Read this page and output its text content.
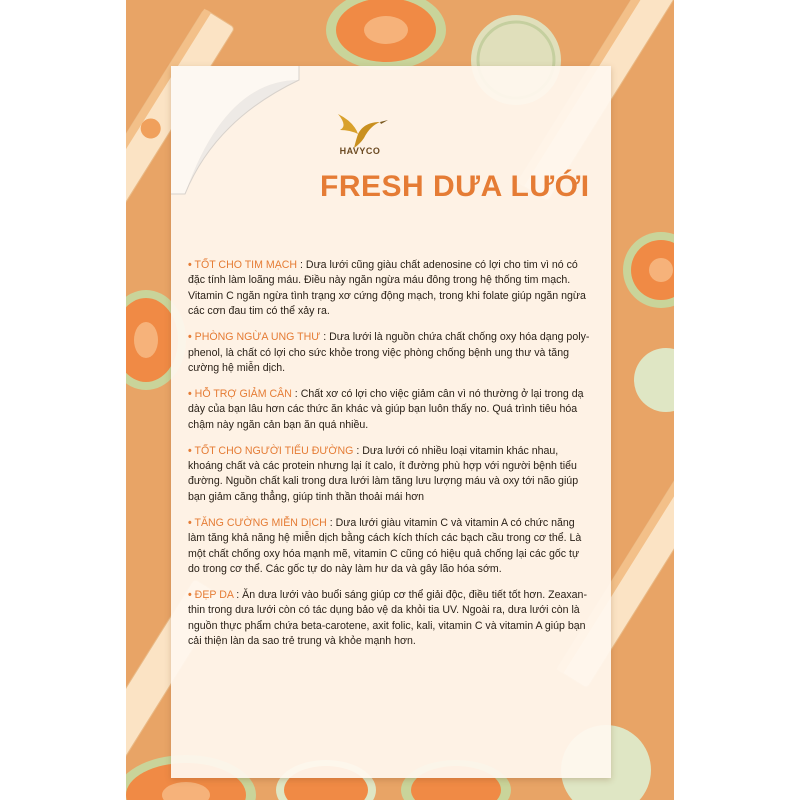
HAVYCO
FRESH DƯA LƯỚI
• TỐT CHO TIM MẠCH : Dưa lưới cũng giàu chất adenosine có lợi cho tim vì nó có đặc tính làm loãng máu. Điều này ngăn ngừa máu đông trong hệ thống tim mạch. Vitamin C ngăn ngừa tình trạng xơ cứng động mạch, trong khi folate giúp ngăn ngừa các cơn đau tim có thể xảy ra.
• PHÒNG NGỪA UNG THƯ : Dưa lưới là nguồn chứa chất chống oxy hóa dạng poly-phenol, là chất có lợi cho sức khỏe trong việc phòng chống bệnh ung thư và tăng cường hệ miễn dịch.
• HỖ TRỢ GIẢM CÂN : Chất xơ có lợi cho việc giảm cân vì nó thường ở lại trong dạ dày của bạn lâu hơn các thức ăn khác và giúp bạn luôn thấy no. Quá trình tiêu hóa chậm này ngăn cản bạn ăn quá nhiều.
• TỐT CHO NGƯỜI TIỂU ĐƯỜNG : Dưa lưới có nhiều loại vitamin khác nhau, khoáng chất và các protein nhưng lại ít calo, ít đường phù hợp với người bệnh tiểu đường. Nguồn chất kali trong dưa lưới làm tăng lưu lượng máu và oxy tới não giúp bạn giảm căng thẳng, giúp tinh thần thoải mái hơn
• TĂNG CƯỜNG MIỄN DỊCH : Dưa lưới giàu vitamin C và vitamin A có chức năng làm tăng khả năng hệ miễn dịch bằng cách kích thích các bạch cầu trong cơ thể. Là một chất chống oxy hóa mạnh mẽ, vitamin C cũng có hiệu quả chống lại các gốc tự do trong cơ thể. Các gốc tự do này làm hư da và gây lão hóa sớm.
• ĐẸP DA : Ăn dưa lưới vào buổi sáng giúp cơ thể giải độc, điều tiết tốt hơn. Zeaxan-thin trong dưa lưới còn có tác dụng bảo vệ da khỏi tia UV. Ngoài ra, dưa lưới còn là nguồn thực phẩm chứa beta-carotene, axit folic, kali, vitamin C và vitamin A giúp bạn cải thiện làn da sao trẻ trung và khỏe mạnh hơn.
